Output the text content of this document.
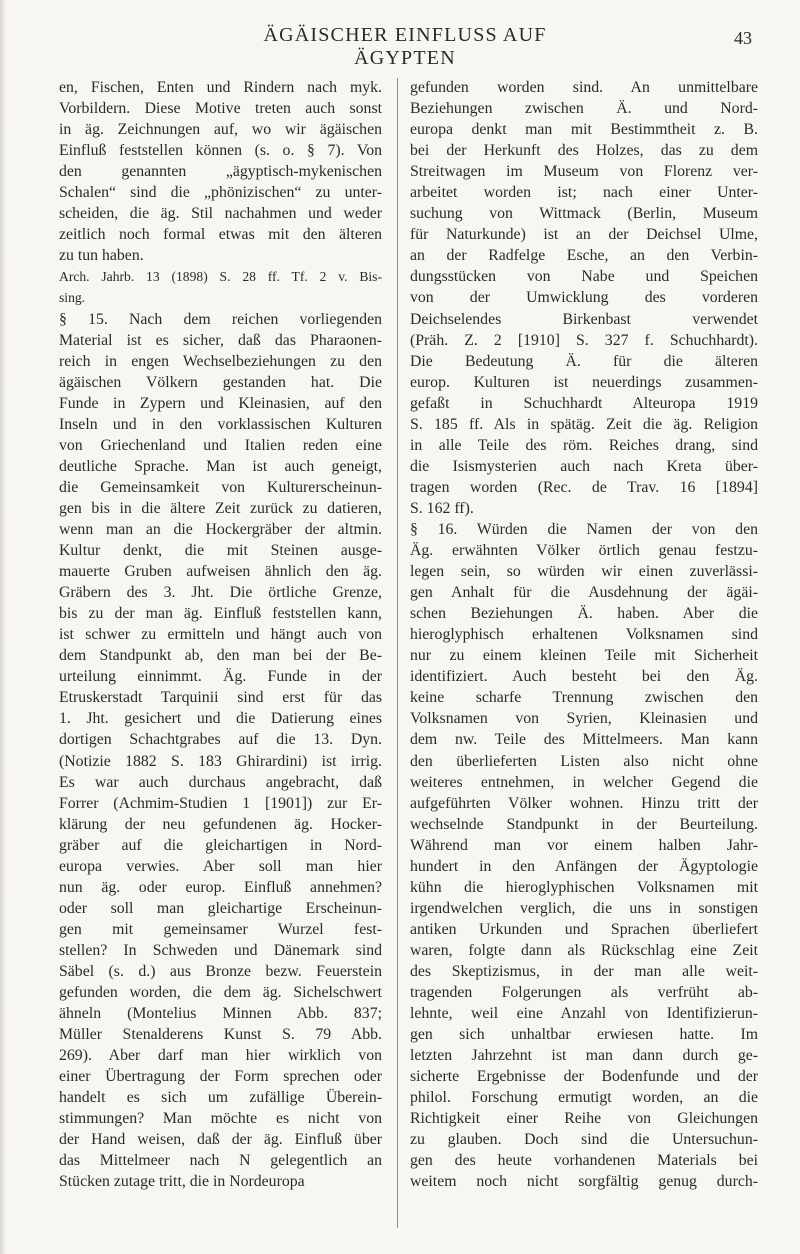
ÄGÄISCHER EINFLUSS AUF ÄGYPTEN
43
en, Fischen, Enten und Rindern nach myk.
Vorbildern. Diese Motive treten auch sonst
in äg. Zeichnungen auf, wo wir ägäischen
Einfluß feststellen können (s. o. § 7). Von
den genannten „ägyptisch-mykenischen
Schalen“ sind die „phönizischen“ zu unter-
scheiden, die äg. Stil nachahmen und weder
zeitlich noch formal etwas mit den älteren
zu tun haben.
Arch. Jahrb. 13 (1898) S. 28 ff. Tf. 2 v. Bis-
sing.
§ 15. Nach dem reichen vorliegenden
Material ist es sicher, daß das Pharaonen-
reich in engen Wechselbeziehungen zu den
ägäischen Völkern gestanden hat. Die
Funde in Zypern und Kleinasien, auf den
Inseln und in den vorklassischen Kulturen
von Griechenland und Italien reden eine
deutliche Sprache. Man ist auch geneigt,
die Gemeinsamkeit von Kulturerscheinun-
gen bis in die ältere Zeit zurück zu datieren,
wenn man an die Hockergräber der altmin.
Kultur denkt, die mit Steinen ausge-
mauerte Gruben aufweisen ähnlich den äg.
Gräbern des 3. Jht. Die örtliche Grenze,
bis zu der man äg. Einfluß feststellen kann,
ist schwer zu ermitteln und hängt auch von
dem Standpunkt ab, den man bei der Be-
urteilung einnimmt. Äg. Funde in der
Etruskerstadt Tarquinii sind erst für das
1. Jht. gesichert und die Datierung eines
dortigen Schachtgrabes auf die 13. Dyn.
(Notizie 1882 S. 183 Ghirardini) ist irrig.
Es war auch durchaus angebracht, daß
Forrer (Achmim-Studien 1 [1901]) zur Er-
klärung der neu gefundenen äg. Hocker-
gräber auf die gleichartigen in Nord-
europa verwies. Aber soll man hier
nun äg. oder europ. Einfluß annehmen?
oder soll man gleichartige Erscheinun-
gen mit gemeinsamer Wurzel fest-
stellen? In Schweden und Dänemark sind
Säbel (s. d.) aus Bronze bezw. Feuerstein
gefunden worden, die dem äg. Sichelschwert
ähneln (Montelius Minnen Abb. 837;
Müller Stenalderens Kunst S. 79 Abb.
269). Aber darf man hier wirklich von
einer Übertragung der Form sprechen oder
handelt es sich um zufällige Überein-
stimmungen? Man möchte es nicht von
der Hand weisen, daß der äg. Einfluß über
das Mittelmeer nach N gelegentlich an
Stücken zutage tritt, die in Nordeuropa
gefunden worden sind. An unmittelbare
Beziehungen zwischen Ä. und Nord-
europa denkt man mit Bestimmtheit z. B.
bei der Herkunft des Holzes, das zu dem
Streitwagen im Museum von Florenz ver-
arbeitet worden ist; nach einer Unter-
suchung von Wittmack (Berlin, Museum
für Naturkunde) ist an der Deichsel Ulme,
an der Radfelge Esche, an den Verbin-
dungsstücken von Nabe und Speichen
von der Umwicklung des vorderen
Deichselendes Birkenbast verwendet
(Präh. Z. 2 [1910] S. 327 f. Schuchhardt).
Die Bedeutung Ä. für die älteren
europ. Kulturen ist neuerdings zusammen-
gefaßt in Schuchhardt Alteuropa 1919
S. 185 ff. Als in spätäg. Zeit die äg. Religion
in alle Teile des röm. Reiches drang, sind
die Isismysterien auch nach Kreta über-
tragen worden (Rec. de Trav. 16 [1894]
S. 162 ff).
§ 16. Würden die Namen der von den
Äg. erwähnten Völker örtlich genau festzu-
legen sein, so würden wir einen zuverlässi-
gen Anhalt für die Ausdehnung der ägäi-
schen Beziehungen Ä. haben. Aber die
hieroglyphisch erhaltenen Volksnamen sind
nur zu einem kleinen Teile mit Sicherheit
identifiziert. Auch besteht bei den Äg.
keine scharfe Trennung zwischen den
Volksnamen von Syrien, Kleinasien und
dem nw. Teile des Mittelmeers. Man kann
den überlieferten Listen also nicht ohne
weiteres entnehmen, in welcher Gegend die
aufgeführten Völker wohnen. Hinzu tritt der
wechselnde Standpunkt in der Beurteilung.
Während man vor einem halben Jahr-
hundert in den Anfängen der Ägyptologie
kühn die hieroglyphischen Volksnamen mit
irgendwelchen verglich, die uns in sonstigen
antiken Urkunden und Sprachen überliefert
waren, folgte dann als Rückschlag eine Zeit
des Skeptizismus, in der man alle weit-
tragenden Folgerungen als verfrüht ab-
lehnte, weil eine Anzahl von Identifizierun-
gen sich unhaltbar erwiesen hatte. Im
letzten Jahrzehnt ist man dann durch ge-
sicherte Ergebnisse der Bodenfunde und der
philol. Forschung ermutigt worden, an die
Richtigkeit einer Reihe von Gleichungen
zu glauben. Doch sind die Untersuchun-
gen des heute vorhandenen Materials bei
weitem noch nicht sorgfältig genug durch-
